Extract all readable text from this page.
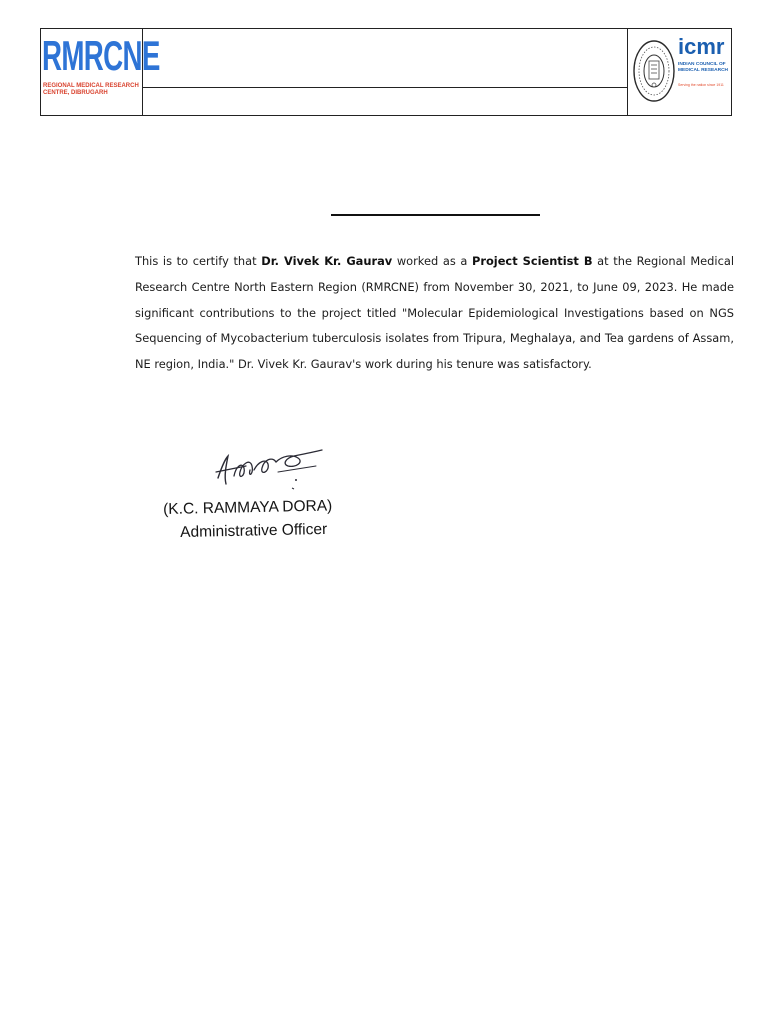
RMRCNE
REGIONAL MEDICAL RESEARCH CENTRE, DIBRUGARH
icmr
INDIAN COUNCIL OF MEDICAL RESEARCH
Serving the nation since 1911
This is to certify that Dr. Vivek Kr. Gaurav worked as a Project Scientist B at the Regional Medical Research Centre North Eastern Region (RMRCNE) from November 30, 2021, to June 09, 2023. He made significant contributions to the project titled "Molecular Epidemiological Investigations based on NGS Sequencing of Mycobacterium tuberculosis isolates from Tripura, Meghalaya, and Tea gardens of Assam, NE region, India." Dr. Vivek Kr. Gaurav's work during his tenure was satisfactory.
(K.C. RAMMAYA DORA)
Administrative Officer
